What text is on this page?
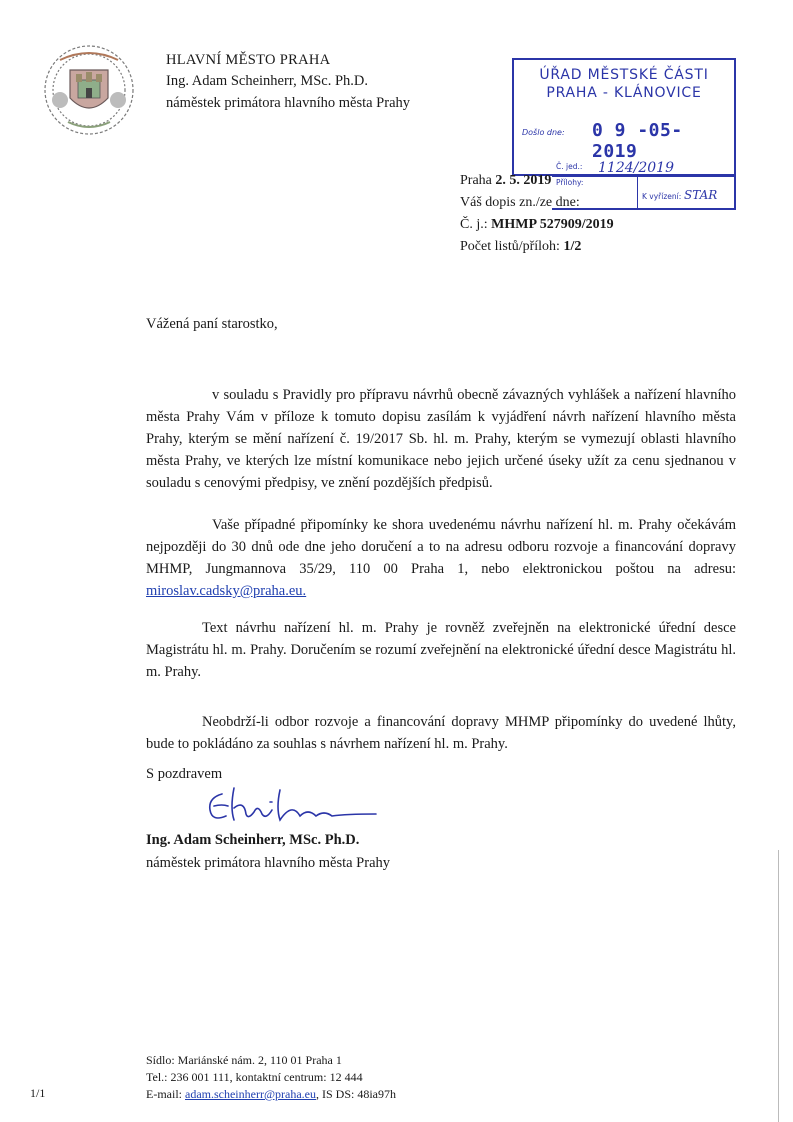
HLAVNÍ MĚSTO PRAHA
Ing. Adam Scheinherr, MSc. Ph.D.
náměstek primátora hlavního města Prahy
ÚŘAD MĚSTSKÉ ČÁSTI
PRAHA - KLÁNOVICE
Došlo dne: 0 9 -05- 2019
Č. jed.: 1124/2019
Přílohy:
K vyřízení: STAR
Praha 2. 5. 2019
Váš dopis zn./ze dne:
Č. j.: MHMP 527909/2019
Počet listů/příloh: 1/2
Vážená paní starostko,
v souladu s Pravidly pro přípravu návrhů obecně závazných vyhlášek a nařízení hlavního města Prahy Vám v příloze k tomuto dopisu zasílám k vyjádření návrh nařízení hlavního města Prahy, kterým se mění nařízení č. 19/2017 Sb. hl. m. Prahy, kterým se vymezují oblasti hlavního města Prahy, ve kterých lze místní komunikace nebo jejich určené úseky užít za cenu sjednanou v souladu s cenovými předpisy, ve znění pozdějších předpisů.
Vaše případné připomínky ke shora uvedenému návrhu nařízení hl. m. Prahy očekávám nejpozději do 30 dnů ode dne jeho doručení a to na adresu odboru rozvoje a financování dopravy MHMP, Jungmannova 35/29, 110 00 Praha 1, nebo elektronickou poštou na adresu: miroslav.cadsky@praha.eu.
Text návrhu nařízení hl. m. Prahy je rovněž zveřejněn na elektronické úřední desce Magistrátu hl. m. Prahy. Doručením se rozumí zveřejnění na elektronické úřední desce Magistrátu hl. m. Prahy.
Neobdrží-li odbor rozvoje a financování dopravy MHMP připomínky do uvedené lhůty, bude to pokládáno za souhlas s návrhem nařízení hl. m. Prahy.
S pozdravem
Ing. Adam Scheinherr, MSc. Ph.D.
náměstek primátora hlavního města Prahy
Sídlo: Mariánské nám. 2, 110 01 Praha 1
Tel.: 236 001 111, kontaktní centrum: 12 444
E-mail: adam.scheinherr@praha.eu, IS DS: 48ia97h
1/1
